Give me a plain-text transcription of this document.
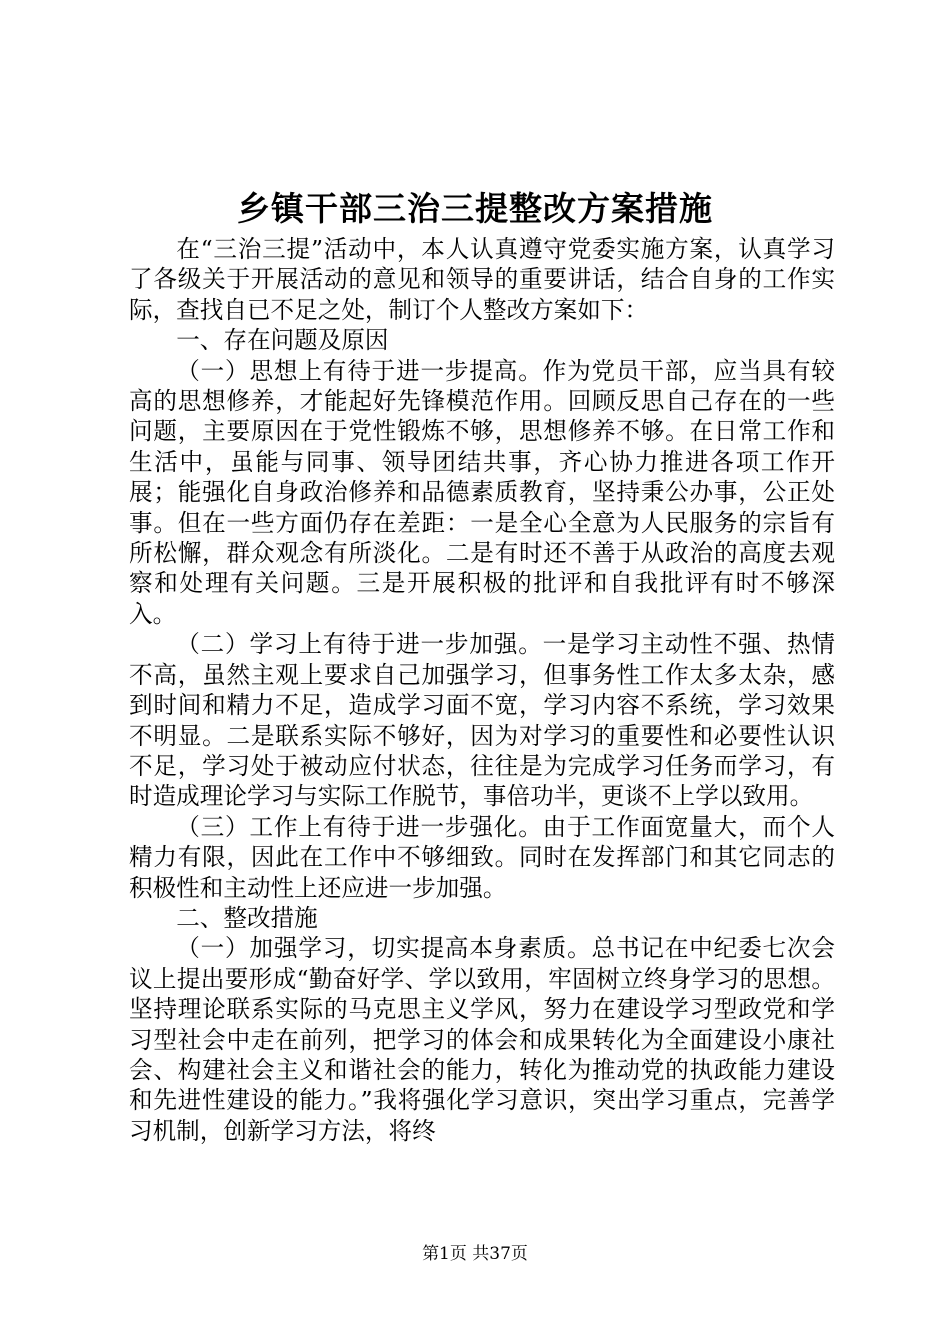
乡镇干部三治三提整改方案措施

在“三治三提”活动中，本人认真遵守党委实施方案，认真学习了各级关于开展活动的意见和领导的重要讲话，结合自身的工作实际，查找自已不足之处，制订个人整改方案如下：

一、存在问题及原因

（一）思想上有待于进一步提高。作为党员干部，应当具有较高的思想修养，才能起好先锋模范作用。回顾反思自己存在的一些问题，主要原因在于党性锻炼不够，思想修养不够。在日常工作和生活中，虽能与同事、领导团结共事，齐心协力推进各项工作开展；能强化自身政治修养和品德素质教育，坚持秉公办事，公正处事。但在一些方面仍存在差距：一是全心全意为人民服务的宗旨有所松懈，群众观念有所淡化。二是有时还不善于从政治的高度去观察和处理有关问题。三是开展积极的批评和自我批评有时不够深入。

（二）学习上有待于进一步加强。一是学习主动性不强、热情不高，虽然主观上要求自己加强学习，但事务性工作太多太杂，感到时间和精力不足，造成学习面不宽，学习内容不系统，学习效果不明显。二是联系实际不够好，因为对学习的重要性和必要性认识不足，学习处于被动应付状态，往往是为完成学习任务而学习，有时造成理论学习与实际工作脱节，事倍功半，更谈不上学以致用。

（三）工作上有待于进一步强化。由于工作面宽量大，而个人精力有限，因此在工作中不够细致。同时在发挥部门和其它同志的积极性和主动性上还应进一步加强。

二、整改措施

（一）加强学习，切实提高本身素质。总书记在中纪委七次会议上提出要形成“勤奋好学、学以致用，牢固树立终身学习的思想。坚持理论联系实际的马克思主义学风，努力在建设学习型政党和学习型社会中走在前列，把学习的体会和成果转化为全面建设小康社会、构建社会主义和谐社会的能力，转化为推动党的执政能力建设和先进性建设的能力。”我将强化学习意识，突出学习重点，完善学习机制，创新学习方法，将终

第1页 共37页
